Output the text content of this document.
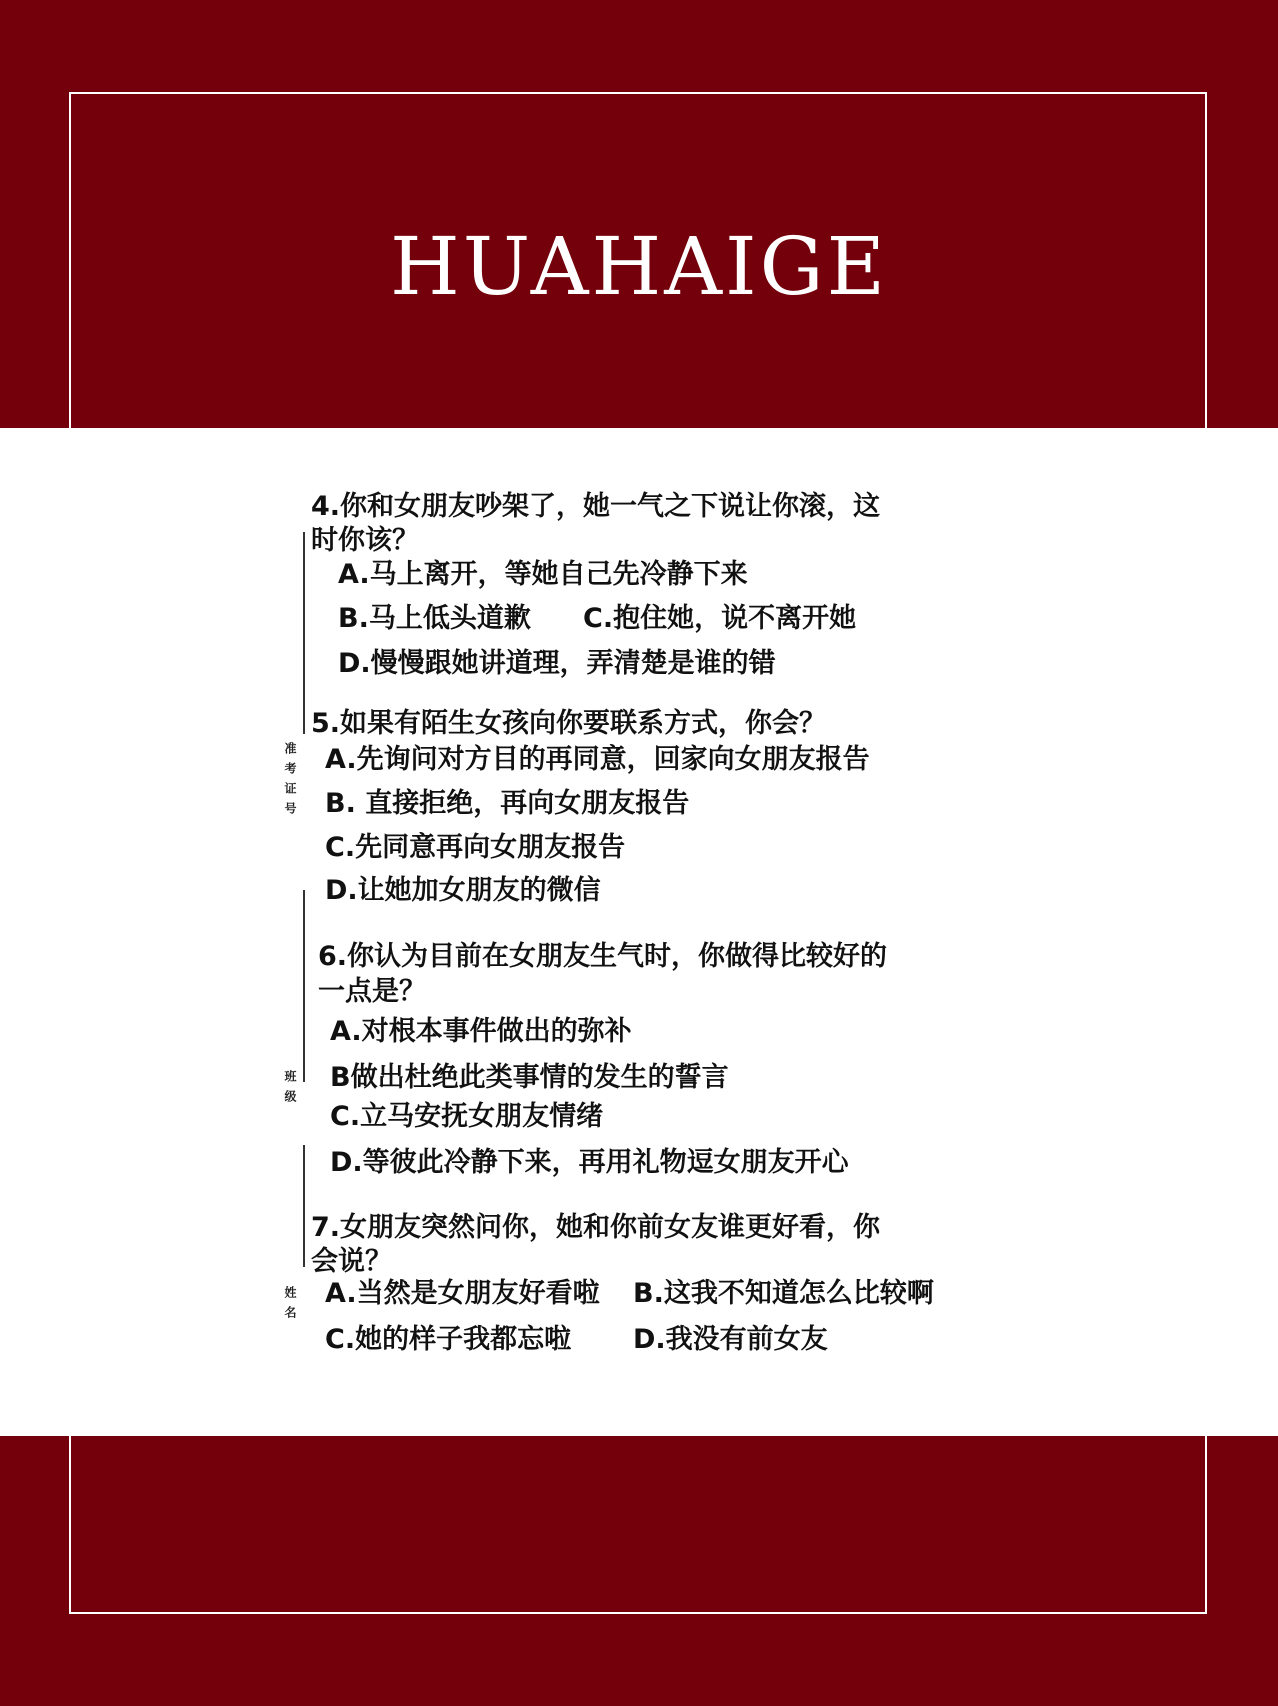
HUAHAIGE
准考证号
班级
姓名
4.你和女朋友吵架了，她一气之下说让你滚，这
时你该？
A.马上离开，等她自己先冷静下来
B.马上低头道歉 C.抱住她，说不离开她
D.慢慢跟她讲道理，弄清楚是谁的错
5.如果有陌生女孩向你要联系方式，你会？
A.先询问对方目的再同意，回家向女朋友报告
B. 直接拒绝，再向女朋友报告
C.先同意再向女朋友报告
D.让她加女朋友的微信
6.你认为目前在女朋友生气时，你做得比较好的
一点是？
A.对根本事件做出的弥补
B做出杜绝此类事情的发生的誓言
C.立马安抚女朋友情绪
D.等彼此冷静下来，再用礼物逗女朋友开心
7.女朋友突然问你，她和你前女友谁更好看，你
会说？
A.当然是女朋友好看啦 B.这我不知道怎么比较啊
C.她的样子我都忘啦 D.我没有前女友
